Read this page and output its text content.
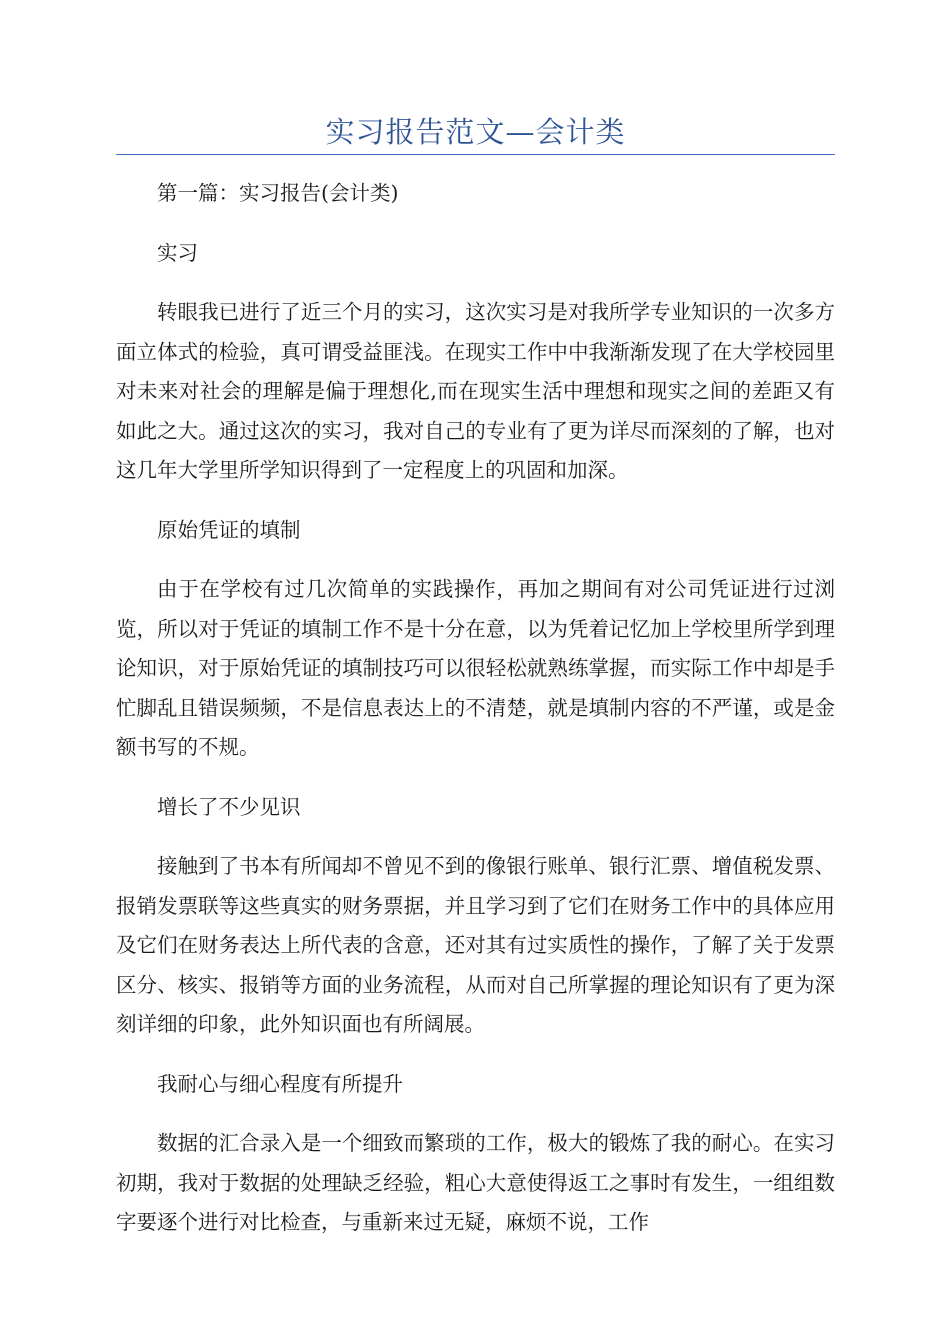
实习报告范文—会计类

第一篇：实习报告(会计类)

实习

转眼我已进行了近三个月的实习，这次实习是对我所学专业知识的一次多方面立体式的检验，真可谓受益匪浅。在现实工作中中我渐渐发现了在大学校园里对未来对社会的理解是偏于理想化,而在现实生活中理想和现实之间的差距又有如此之大。通过这次的实习，我对自己的专业有了更为详尽而深刻的了解，也对这几年大学里所学知识得到了一定程度上的巩固和加深。

原始凭证的填制

由于在学校有过几次简单的实践操作，再加之期间有对公司凭证进行过浏览，所以对于凭证的填制工作不是十分在意，以为凭着记忆加上学校里所学到理论知识，对于原始凭证的填制技巧可以很轻松就熟练掌握，而实际工作中却是手忙脚乱且错误频频，不是信息表达上的不清楚，就是填制内容的不严谨，或是金额书写的不规。

增长了不少见识

接触到了书本有所闻却不曾见不到的像银行账单、银行汇票、增值税发票、报销发票联等这些真实的财务票据，并且学习到了它们在财务工作中的具体应用及它们在财务表达上所代表的含意，还对其有过实质性的操作，了解了关于发票区分、核实、报销等方面的业务流程，从而对自己所掌握的理论知识有了更为深刻详细的印象，此外知识面也有所阔展。

我耐心与细心程度有所提升

数据的汇合录入是一个细致而繁琐的工作，极大的锻炼了我的耐心。在实习初期，我对于数据的处理缺乏经验，粗心大意使得返工之事时有发生，一组组数字要逐个进行对比检查，与重新来过无疑，麻烦不说，工作
